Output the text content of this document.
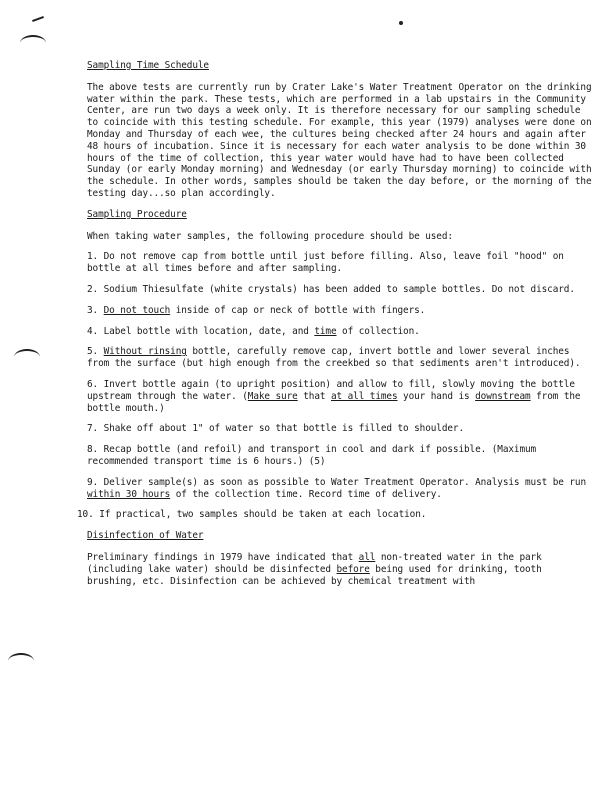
Sampling Time Schedule

The above tests are currently run by Crater Lake's Water Treatment Operator on the drinking water within the park. These tests, which are performed in a lab upstairs in the Community Center, are run two days a week only. It is therefore necessary for our sampling schedule to coincide with this testing schedule. For example, this year (1979) analyses were done on Monday and Thursday of each wee, the cultures being checked after 24 hours and again after 48 hours of incubation. Since it is necessary for each water analysis to be done within 30 hours of the time of collection, this year water would have had to have been collected Sunday (or early Monday morning) and Wednesday (or early Thursday morning) to coincide with the schedule. In other words, samples should be taken the day before, or the morning of the testing day...so plan accordingly.

Sampling Procedure

When taking water samples, the following procedure should be used:

1. Do not remove cap from bottle until just before filling. Also, leave foil "hood" on bottle at all times before and after sampling.
2. Sodium Thiesulfate (white crystals) has been added to sample bottles. Do not discard.
3. Do not touch inside of cap or neck of bottle with fingers.
4. Label bottle with location, date, and time of collection.
5. Without rinsing bottle, carefully remove cap, invert bottle and lower several inches from the surface (but high enough from the creekbed so that sediments aren't introduced).
6. Invert bottle again (to upright position) and allow to fill, slowly moving the bottle upstream through the water. (Make sure that at all times your hand is downstream from the bottle mouth.)
7. Shake off about 1" of water so that bottle is filled to shoulder.
8. Recap bottle (and refoil) and transport in cool and dark if possible. (Maximum recommended transport time is 6 hours.) (5)
9. Deliver sample(s) as soon as possible to Water Treatment Operator. Analysis must be run within 30 hours of the collection time. Record time of delivery.
10. If practical, two samples should be taken at each location.
Disinfection of Water

Preliminary findings in 1979 have indicated that all non-treated water in the park (including lake water) should be disinfected before being used for drinking, tooth brushing, etc. Disinfection can be achieved by chemical treatment with
